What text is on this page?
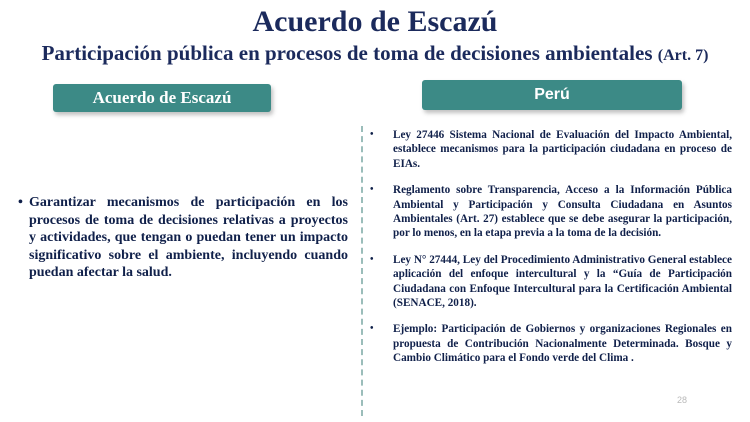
Acuerdo de Escazú
Participación pública en procesos de toma de decisiones ambientales (Art. 7)
Acuerdo de Escazú	Perú
• Garantizar mecanismos de participación en los procesos de toma de decisiones relativas a proyectos y actividades, que tengan o puedan tener un impacto significativo sobre el ambiente, incluyendo cuando puedan afectar la salud.
• Ley 27446 Sistema Nacional de Evaluación del Impacto Ambiental, establece mecanismos para la participación ciudadana en proceso de EIAs.
• Reglamento sobre Transparencia, Acceso a la Información Pública Ambiental y Participación y Consulta Ciudadana en Asuntos Ambientales (Art. 27) establece que se debe asegurar la participación, por lo menos, en la etapa previa a la toma de la decisión.
• Ley N° 27444, Ley del Procedimiento Administrativo General establece aplicación del enfoque intercultural y la “Guía de Participación Ciudadana con Enfoque Intercultural para la Certificación Ambiental (SENACE, 2018).
• Ejemplo: Participación de Gobiernos y organizaciones Regionales en propuesta de Contribución Nacionalmente Determinada. Bosque y Cambio Climático para el Fondo verde del Clima .
28
